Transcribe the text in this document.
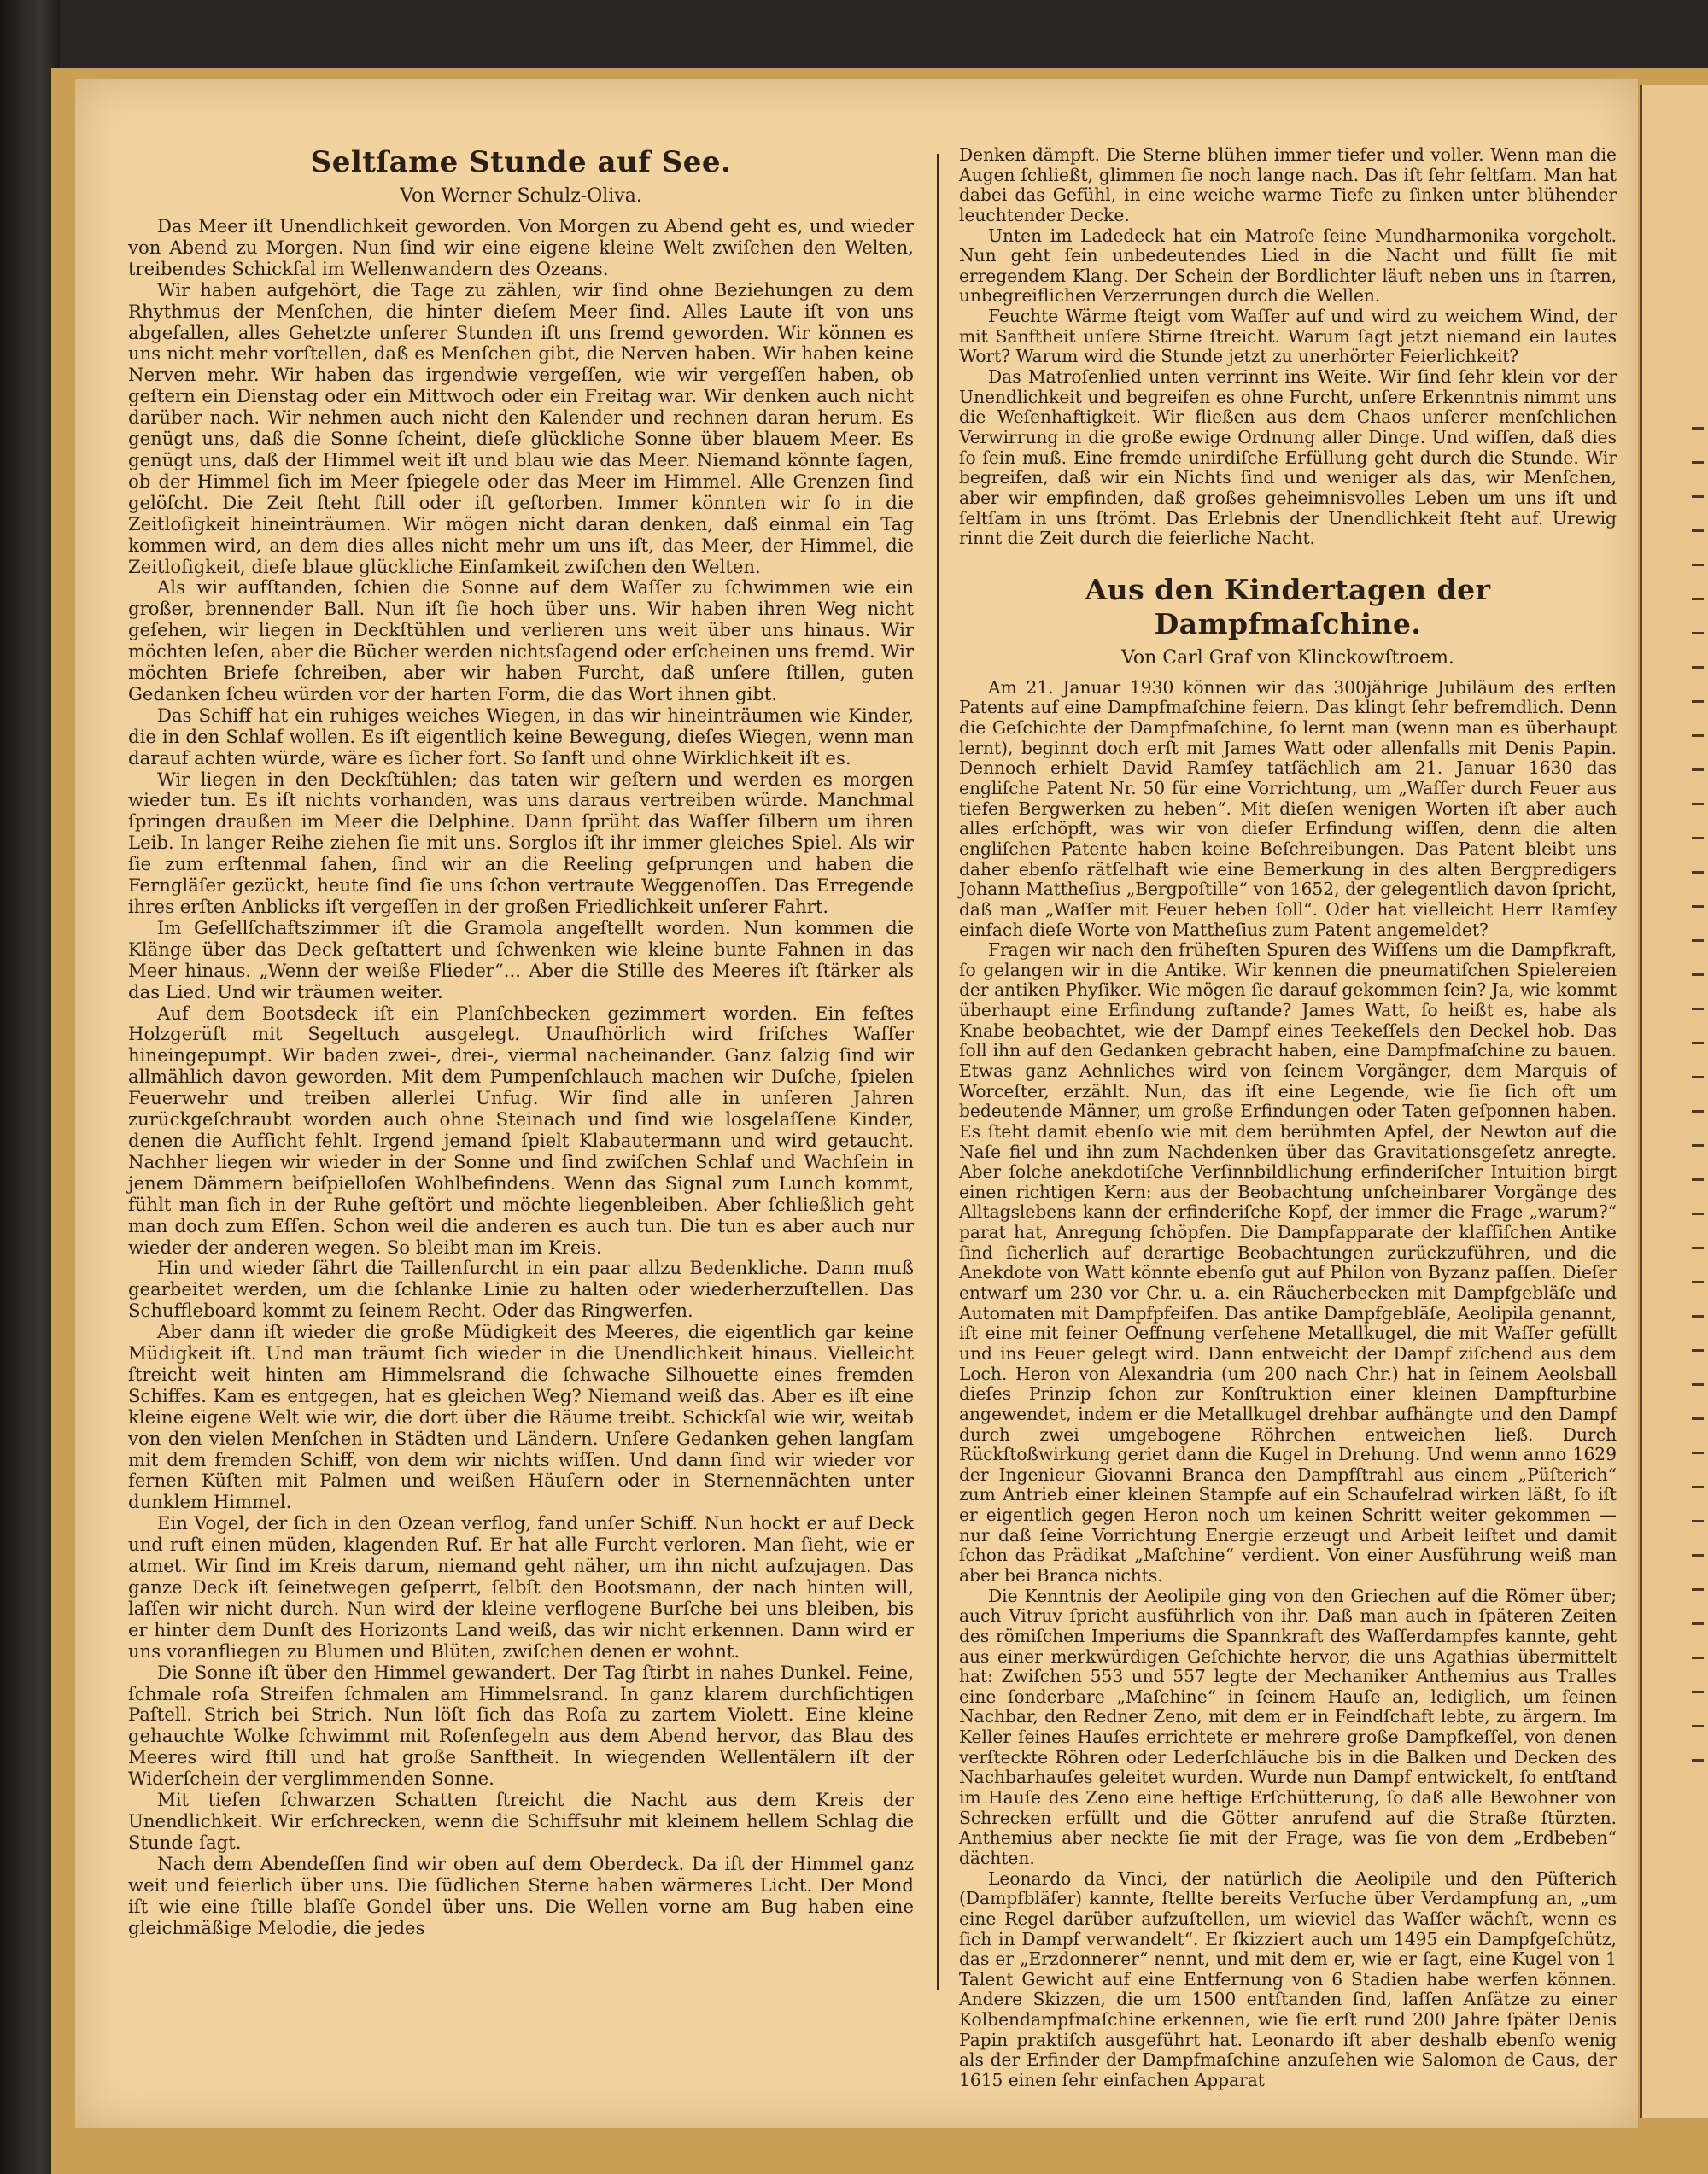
Seltſame Stunde auf See.
Von Werner Schulz-Oliva.

Das Meer iſt Unendlichkeit geworden. Von Morgen zu Abend geht es, und wieder von Abend zu Morgen. Nun ſind wir eine eigene kleine Welt zwiſchen den Welten, treibendes Schickſal im Wellenwandern des Ozeans.

Wir haben aufgehört, die Tage zu zählen, wir ſind ohne Beziehungen zu dem Rhythmus der Menſchen, die hinter dieſem Meer ſind. Alles Laute iſt von uns abgefallen, alles Gehetzte unſerer Stunden iſt uns fremd geworden. Wir können es uns nicht mehr vorſtellen, daß es Menſchen gibt, die Nerven haben. Wir haben keine Nerven mehr. Wir haben das irgendwie vergeſſen, wie wir vergeſſen haben, ob geſtern ein Dienstag oder ein Mittwoch oder ein Freitag war. Wir denken auch nicht darüber nach. Wir nehmen auch nicht den Kalender und rechnen daran herum. Es genügt uns, daß die Sonne ſcheint, dieſe glückliche Sonne über blauem Meer. Es genügt uns, daß der Himmel weit iſt und blau wie das Meer. Niemand könnte ſagen, ob der Himmel ſich im Meer ſpiegele oder das Meer im Himmel. Alle Grenzen ſind gelöſcht. Die Zeit ſteht ſtill oder iſt geſtorben. Immer könnten wir ſo in die Zeitloſigkeit hineinträumen. Wir mögen nicht daran denken, daß einmal ein Tag kommen wird, an dem dies alles nicht mehr um uns iſt, das Meer, der Himmel, die Zeitloſigkeit, dieſe blaue glückliche Einſamkeit zwiſchen den Welten.

Als wir aufſtanden, ſchien die Sonne auf dem Waſſer zu ſchwimmen wie ein großer, brennender Ball. Nun iſt ſie hoch über uns. Wir haben ihren Weg nicht geſehen, wir liegen in Deckſtühlen und verlieren uns weit über uns hinaus. Wir möchten leſen, aber die Bücher werden nichtsſagend oder erſcheinen uns fremd. Wir möchten Briefe ſchreiben, aber wir haben Furcht, daß unſere ſtillen, guten Gedanken ſcheu würden vor der harten Form, die das Wort ihnen gibt.

Das Schiff hat ein ruhiges weiches Wiegen, in das wir hineinträumen wie Kinder, die in den Schlaf wollen. Es iſt eigentlich keine Bewegung, dieſes Wiegen, wenn man darauf achten würde, wäre es ſicher fort. So ſanft und ohne Wirklichkeit iſt es.

Wir liegen in den Deckſtühlen; das taten wir geſtern und werden es morgen wieder tun. Es iſt nichts vorhanden, was uns daraus vertreiben würde. Manchmal ſpringen draußen im Meer die Delphine. Dann ſprüht das Waſſer ſilbern um ihren Leib. In langer Reihe ziehen ſie mit uns. Sorglos iſt ihr immer gleiches Spiel. Als wir ſie zum erſtenmal ſahen, ſind wir an die Reeling geſprungen und haben die Ferngläſer gezückt, heute ſind ſie uns ſchon vertraute Weggenoſſen. Das Erregende ihres erſten Anblicks iſt vergeſſen in der großen Friedlichkeit unſerer Fahrt.

Im Geſellſchaftszimmer iſt die Gramola angeſtellt worden. Nun kommen die Klänge über das Deck geſtattert und ſchwenken wie kleine bunte Fahnen in das Meer hinaus. „Wenn der weiße Flieder“... Aber die Stille des Meeres iſt ſtärker als das Lied. Und wir träumen weiter.

Auf dem Bootsdeck iſt ein Planſchbecken gezimmert worden. Ein feſtes Holzgerüſt mit Segeltuch ausgelegt. Unaufhörlich wird friſches Waſſer hineingepumpt. Wir baden zwei-, drei-, viermal nacheinander. Ganz ſalzig ſind wir allmählich davon geworden. Mit dem Pumpenſchlauch machen wir Duſche, ſpielen Feuerwehr und treiben allerlei Unfug. Wir ſind alle in unſeren Jahren zurückgeſchraubt worden auch ohne Steinach und ſind wie losgelaſſene Kinder, denen die Aufſicht fehlt. Irgend jemand ſpielt Klabautermann und wird getaucht. Nachher liegen wir wieder in der Sonne und ſind zwiſchen Schlaf und Wachſein in jenem Dämmern beiſpielloſen Wohlbefindens. Wenn das Signal zum Lunch kommt, fühlt man ſich in der Ruhe geſtört und möchte liegenbleiben. Aber ſchließlich geht man doch zum Eſſen. Schon weil die anderen es auch tun. Die tun es aber auch nur wieder der anderen wegen. So bleibt man im Kreis.

Hin und wieder fährt die Taillenfurcht in ein paar allzu Bedenkliche. Dann muß gearbeitet werden, um die ſchlanke Linie zu halten oder wiederherzuſtellen. Das Schuffleboard kommt zu ſeinem Recht. Oder das Ringwerfen.

Aber dann iſt wieder die große Müdigkeit des Meeres, die eigentlich gar keine Müdigkeit iſt. Und man träumt ſich wieder in die Unendlichkeit hinaus. Vielleicht ſtreicht weit hinten am Himmelsrand die ſchwache Silhouette eines fremden Schiffes. Kam es entgegen, hat es gleichen Weg? Niemand weiß das. Aber es iſt eine kleine eigene Welt wie wir, die dort über die Räume treibt. Schickſal wie wir, weitab von den vielen Menſchen in Städten und Ländern. Unſere Gedanken gehen langſam mit dem fremden Schiff, von dem wir nichts wiſſen. Und dann ſind wir wieder vor fernen Küſten mit Palmen und weißen Häuſern oder in Sternennächten unter dunklem Himmel.

Ein Vogel, der ſich in den Ozean verflog, fand unſer Schiff. Nun hockt er auf Deck und ruft einen müden, klagenden Ruf. Er hat alle Furcht verloren. Man ſieht, wie er atmet. Wir ſind im Kreis darum, niemand geht näher, um ihn nicht aufzujagen. Das ganze Deck iſt ſeinetwegen geſperrt, ſelbſt den Bootsmann, der nach hinten will, laſſen wir nicht durch. Nun wird der kleine verflogene Burſche bei uns bleiben, bis er hinter dem Dunſt des Horizonts Land weiß, das wir nicht erkennen. Dann wird er uns voranfliegen zu Blumen und Blüten, zwiſchen denen er wohnt.

Die Sonne iſt über den Himmel gewandert. Der Tag ſtirbt in nahes Dunkel. Feine, ſchmale roſa Streifen ſchmalen am Himmelsrand. In ganz klarem durchſichtigen Paſtell. Strich bei Strich. Nun löſt ſich das Roſa zu zartem Violett. Eine kleine gehauchte Wolke ſchwimmt mit Roſenſegeln aus dem Abend hervor, das Blau des Meeres wird ſtill und hat große Sanftheit. In wiegenden Wellentälern iſt der Widerſchein der verglimmenden Sonne.

Mit tiefen ſchwarzen Schatten ſtreicht die Nacht aus dem Kreis der Unendlichkeit. Wir erſchrecken, wenn die Schiffsuhr mit kleinem hellem Schlag die Stunde ſagt.

Nach dem Abendeſſen ſind wir oben auf dem Oberdeck. Da iſt der Himmel ganz weit und feierlich über uns. Die ſüdlichen Sterne haben wärmeres Licht. Der Mond iſt wie eine ſtille blaſſe Gondel über uns. Die Wellen vorne am Bug haben eine gleichmäßige Melodie, die jedes

Denken dämpft. Die Sterne blühen immer tiefer und voller. Wenn man die Augen ſchließt, glimmen ſie noch lange nach. Das iſt ſehr ſeltſam. Man hat dabei das Gefühl, in eine weiche warme Tiefe zu ſinken unter blühender leuchtender Decke.

Unten im Ladedeck hat ein Matroſe ſeine Mundharmonika vorgeholt. Nun geht ſein unbedeutendes Lied in die Nacht und füllt ſie mit erregendem Klang. Der Schein der Bordlichter läuft neben uns in ſtarren, unbegreiflichen Verzerrungen durch die Wellen.

Feuchte Wärme ſteigt vom Waſſer auf und wird zu weichem Wind, der mit Sanftheit unſere Stirne ſtreicht. Warum ſagt jetzt niemand ein lautes Wort? Warum wird die Stunde jetzt zu unerhörter Feierlichkeit?

Das Matroſenlied unten verrinnt ins Weite. Wir ſind ſehr klein vor der Unendlichkeit und begreifen es ohne Furcht, unſere Erkenntnis nimmt uns die Weſenhaftigkeit. Wir fließen aus dem Chaos unſerer menſchlichen Verwirrung in die große ewige Ordnung aller Dinge. Und wiſſen, daß dies ſo ſein muß. Eine fremde unirdiſche Erfüllung geht durch die Stunde. Wir begreifen, daß wir ein Nichts ſind und weniger als das, wir Menſchen, aber wir empfinden, daß großes geheimnisvolles Leben um uns iſt und ſeltſam in uns ſtrömt. Das Erlebnis der Unendlichkeit ſteht auf. Urewig rinnt die Zeit durch die feierliche Nacht.

Aus den Kindertagen der Dampfmaſchine.
Von Carl Graf von Klinckowſtroem.

Am 21. Januar 1930 können wir das 300jährige Jubiläum des erſten Patents auf eine Dampfmaſchine feiern. Das klingt ſehr befremdlich. Denn die Geſchichte der Dampfmaſchine, ſo lernt man (wenn man es überhaupt lernt), beginnt doch erſt mit James Watt oder allenfalls mit Denis Papin. Dennoch erhielt David Ramſey tatſächlich am 21. Januar 1630 das engliſche Patent Nr. 50 für eine Vorrichtung, um „Waſſer durch Feuer aus tiefen Bergwerken zu heben“. Mit dieſen wenigen Worten iſt aber auch alles erſchöpft, was wir von dieſer Erfindung wiſſen, denn die alten engliſchen Patente haben keine Beſchreibungen. Das Patent bleibt uns daher ebenſo rätſelhaft wie eine Bemerkung in des alten Bergpredigers Johann Mattheſius „Bergpoſtille“ von 1652, der gelegentlich davon ſpricht, daß man „Waſſer mit Feuer heben ſoll“. Oder hat vielleicht Herr Ramſey einfach dieſe Worte von Mattheſius zum Patent angemeldet?

Fragen wir nach den früheſten Spuren des Wiſſens um die Dampfkraft, ſo gelangen wir in die Antike. Wir kennen die pneumatiſchen Spielereien der antiken Phyſiker. Wie mögen ſie darauf gekommen ſein? Ja, wie kommt überhaupt eine Erfindung zuſtande? James Watt, ſo heißt es, habe als Knabe beobachtet, wie der Dampf eines Teekeſſels den Deckel hob. Das ſoll ihn auf den Gedanken gebracht haben, eine Dampfmaſchine zu bauen. Etwas ganz Aehnliches wird von ſeinem Vorgänger, dem Marquis of Worceſter, erzählt. Nun, das iſt eine Legende, wie ſie ſich oft um bedeutende Männer, um große Erfindungen oder Taten geſponnen haben. Es ſteht damit ebenſo wie mit dem berühmten Apfel, der Newton auf die Naſe fiel und ihn zum Nachdenken über das Gravitationsgeſetz anregte. Aber ſolche anekdotiſche Verſinnbildlichung erfinderiſcher Intuition birgt einen richtigen Kern: aus der Beobachtung unſcheinbarer Vorgänge des Alltagslebens kann der erfinderiſche Kopf, der immer die Frage „warum?“ parat hat, Anregung ſchöpfen. Die Dampfapparate der klaſſiſchen Antike ſind ſicherlich auf derartige Beobachtungen zurückzuführen, und die Anekdote von Watt könnte ebenſo gut auf Philon von Byzanz paſſen. Dieſer entwarf um 230 vor Chr. u. a. ein Räucherbecken mit Dampfgebläſe und Automaten mit Dampfpfeifen. Das antike Dampfgebläſe, Aeolipila genannt, iſt eine mit feiner Oeffnung verſehene Metallkugel, die mit Waſſer gefüllt und ins Feuer gelegt wird. Dann entweicht der Dampf ziſchend aus dem Loch. Heron von Alexandria (um 200 nach Chr.) hat in ſeinem Aeolsball dieſes Prinzip ſchon zur Konſtruktion einer kleinen Dampfturbine angewendet, indem er die Metallkugel drehbar aufhängte und den Dampf durch zwei umgebogene Röhrchen entweichen ließ. Durch Rückſtoßwirkung geriet dann die Kugel in Drehung. Und wenn anno 1629 der Ingenieur Giovanni Branca den Dampfſtrahl aus einem „Püſterich“ zum Antrieb einer kleinen Stampfe auf ein Schaufelrad wirken läßt, ſo iſt er eigentlich gegen Heron noch um keinen Schritt weiter gekommen — nur daß ſeine Vorrichtung Energie erzeugt und Arbeit leiſtet und damit ſchon das Prädikat „Maſchine“ verdient. Von einer Ausführung weiß man aber bei Branca nichts.

Die Kenntnis der Aeolipile ging von den Griechen auf die Römer über; auch Vitruv ſpricht ausführlich von ihr. Daß man auch in ſpäteren Zeiten des römiſchen Imperiums die Spannkraft des Waſſerdampfes kannte, geht aus einer merkwürdigen Geſchichte hervor, die uns Agathias übermittelt hat: Zwiſchen 553 und 557 legte der Mechaniker Anthemius aus Tralles eine ſonderbare „Maſchine“ in ſeinem Hauſe an, lediglich, um ſeinen Nachbar, den Redner Zeno, mit dem er in Feindſchaft lebte, zu ärgern. Im Keller ſeines Hauſes errichtete er mehrere große Dampfkeſſel, von denen verſteckte Röhren oder Lederſchläuche bis in die Balken und Decken des Nachbarhauſes geleitet wurden. Wurde nun Dampf entwickelt, ſo entſtand im Hauſe des Zeno eine heftige Erſchütterung, ſo daß alle Bewohner von Schrecken erfüllt und die Götter anrufend auf die Straße ſtürzten. Anthemius aber neckte ſie mit der Frage, was ſie von dem „Erdbeben“ dächten.

Leonardo da Vinci, der natürlich die Aeolipile und den Püſterich (Dampfbläſer) kannte, ſtellte bereits Verſuche über Verdampfung an, „um eine Regel darüber aufzuſtellen, um wieviel das Waſſer wächſt, wenn es ſich in Dampf verwandelt“. Er ſkizziert auch um 1495 ein Dampfgeſchütz, das er „Erzdonnerer“ nennt, und mit dem er, wie er ſagt, eine Kugel von 1 Talent Gewicht auf eine Entfernung von 6 Stadien habe werfen können. Andere Skizzen, die um 1500 entſtanden ſind, laſſen Anſätze zu einer Kolbendampfmaſchine erkennen, wie ſie erſt rund 200 Jahre ſpäter Denis Papin praktiſch ausgeführt hat. Leonardo iſt aber deshalb ebenſo wenig als der Erfinder der Dampfmaſchine anzuſehen wie Salomon de Caus, der 1615 einen ſehr einfachen Apparat
